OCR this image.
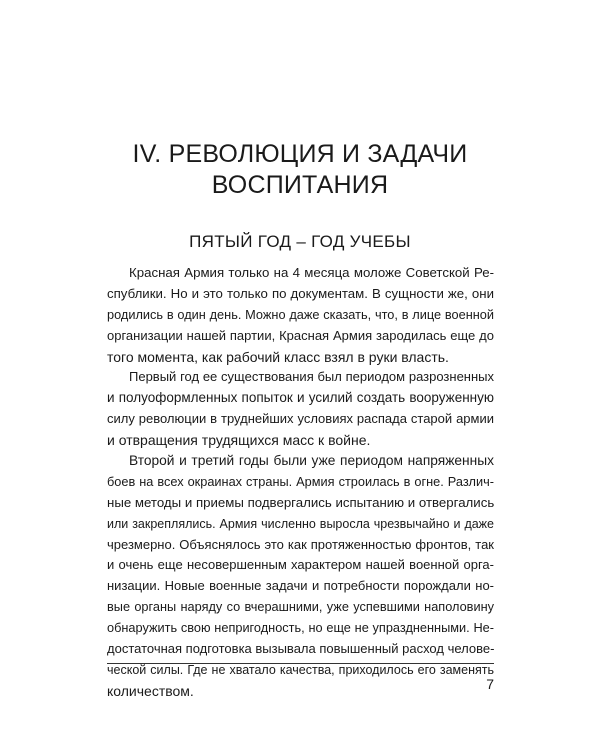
IV. РЕВОЛЮЦИЯ И ЗАДАЧИ
ВОСПИТАНИЯ
ПЯТЫЙ ГОД – ГОД УЧЕБЫ
Красная Армия только на 4 месяца моложе Советской Ре-
спублики. Но и это только по документам. В сущности же, они
родились в один день. Можно даже сказать, что, в лице военной
организации нашей партии, Красная Армия зародилась еще до
того момента, как рабочий класс взял в руки власть.
Первый год ее существования был периодом разрозненных
и полуоформленных попыток и усилий создать вооруженную
силу революции в труднейших условиях распада старой армии
и отвращения трудящихся масс к войне.
Второй и третий годы были уже периодом напряженных
боев на всех окраинах страны. Армия строилась в огне. Различ-
ные методы и приемы подвергались испытанию и отвергались
или закреплялись. Армия численно выросла чрезвычайно и даже
чрезмерно. Объяснялось это как протяженностью фронтов, так
и очень еще несовершенным характером нашей военной орга-
низации. Новые военные задачи и потребности порождали но-
вые органы наряду со вчерашними, уже успевшими наполовину
обнаружить свою непригодность, но еще не упраздненными. Не-
достаточная подготовка вызывала повышенный расход челове-
ческой силы. Где не хватало качества, приходилось его заменять
количеством.	7
